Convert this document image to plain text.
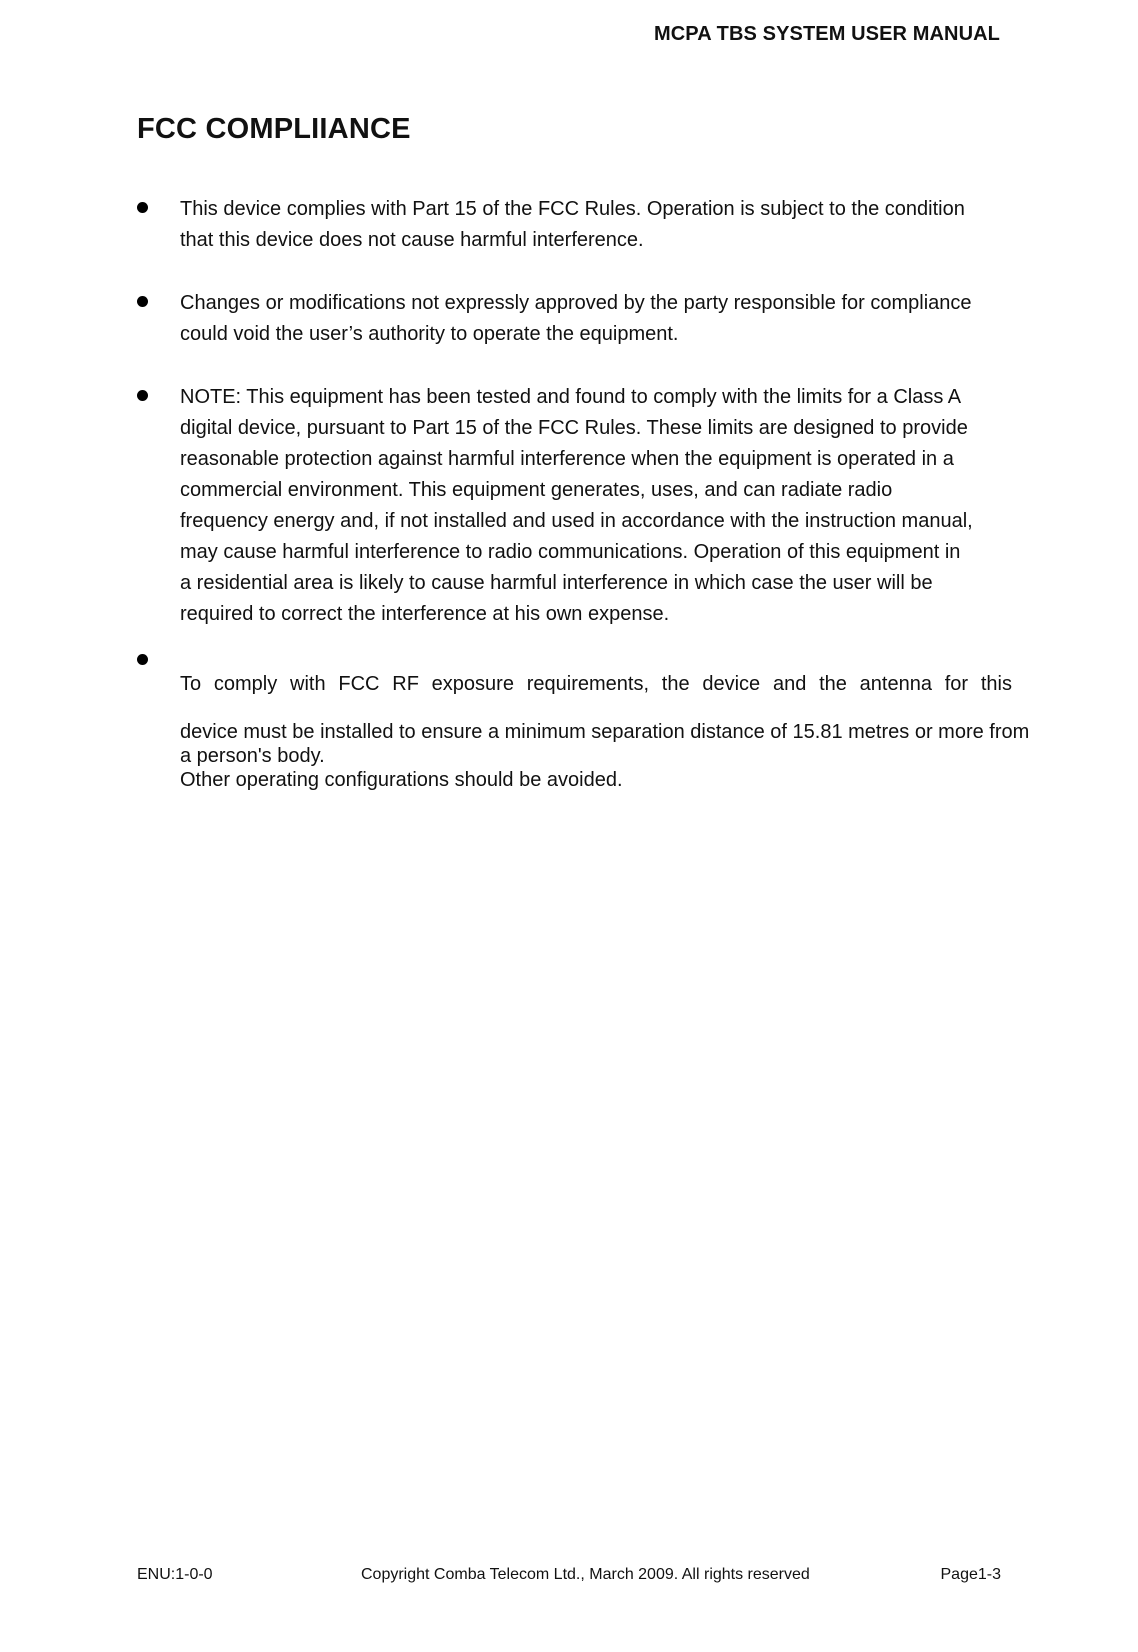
MCPA TBS SYSTEM USER MANUAL
FCC COMPLIIANCE
This device complies with Part 15 of the FCC Rules. Operation is subject to the condition
that this device does not cause harmful interference.
Changes or modifications not expressly approved by the party responsible for compliance
could void the user’s authority to operate the equipment.
NOTE: This equipment has been tested and found to comply with the limits for a Class A
digital device, pursuant to Part 15 of the FCC Rules. These limits are designed to provide
reasonable protection against harmful interference when the equipment is operated in a
commercial environment. This equipment generates, uses, and can radiate radio
frequency energy and, if not installed and used in accordance with the instruction manual,
may cause harmful interference to radio communications. Operation of this equipment in
a residential area is likely to cause harmful interference in which case the user will be
required to correct the interference at his own expense.

To comply with FCC RF exposure requirements, the device and the antenna for this

device must be installed to ensure a minimum separation distance of 15.81 metres or more from
a person's body.
Other operating configurations should be avoided.

ENU:1-0-0	Copyright Comba Telecom Ltd., March 2009. All rights reserved	Page1-3
